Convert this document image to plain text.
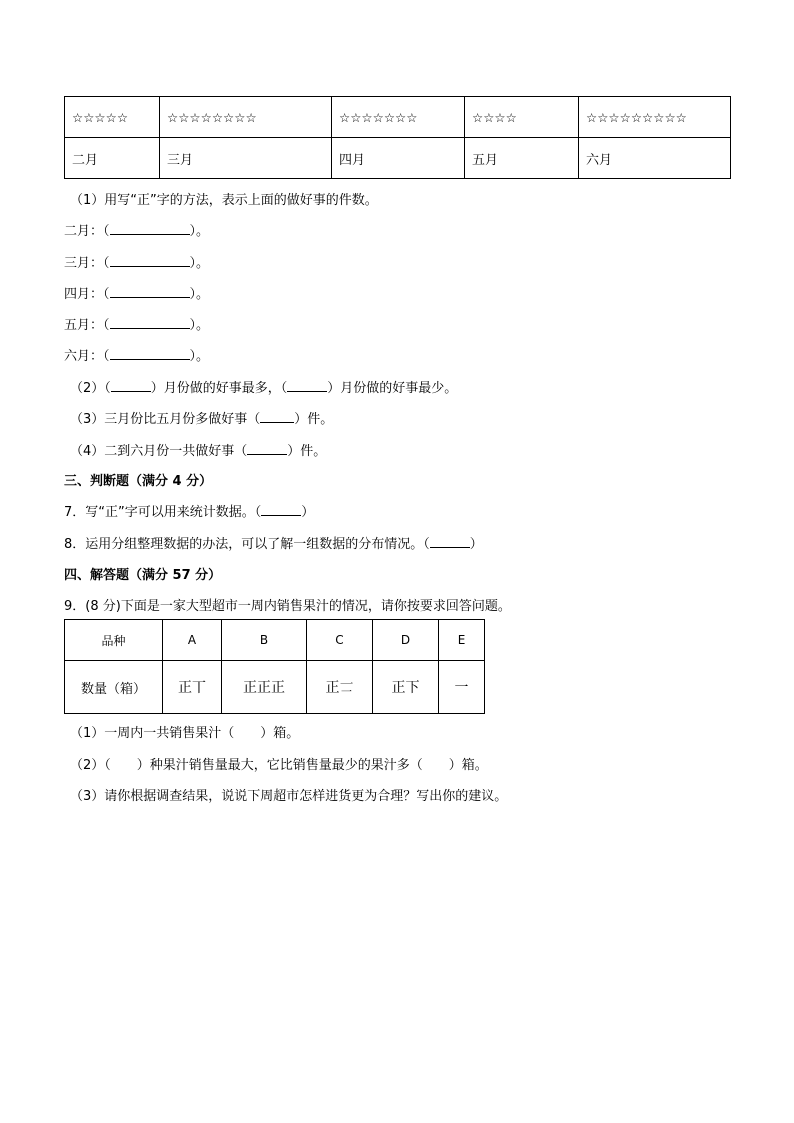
☆☆☆☆☆	☆☆☆☆☆☆☆☆	☆☆☆☆☆☆☆	☆☆☆☆	☆☆☆☆☆☆☆☆☆
二月	三月	四月	五月	六月
（1）用写“正”字的方法，表示上面的做好事的件数。
二月：（	）。
三月：（	）。
四月：（	）。
五月：（	）。
六月：（	）。
（2）（	）月份做的好事最多，（	）月份做的好事最少。
（3）三月份比五月份多做好事（	）件。
（4）二到六月份一共做好事（	）件。
三、判断题（满分 4 分）
7．写“正”字可以用来统计数据。（	）
8．运用分组整理数据的办法，可以了解一组数据的分布情况。（	）
四、解答题（满分 57 分）
9．(8 分)下面是一家大型超市一周内销售果汁的情况，请你按要求回答问题。
品种	A	B	C	D	E
数量（箱）	正丅	正正正	正𠄟	正下	一
（1）一周内一共销售果汁（　　）箱。
（2）（　　）种果汁销售量最大，它比销售量最少的果汁多（　　）箱。
（3）请你根据调查结果，说说下周超市怎样进货更为合理？写出你的建议。
